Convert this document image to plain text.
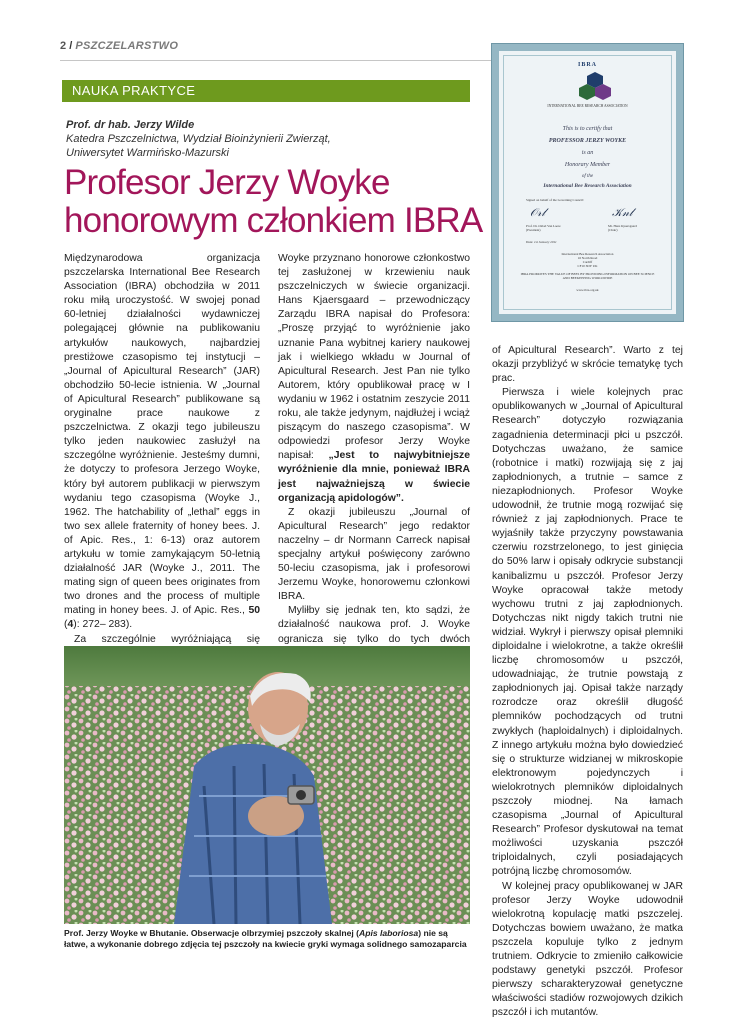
2 / PSZCZELARSTWO
NAUKA PRAKTYCE
Prof. dr hab. Jerzy Wilde
Katedra Pszczelnictwa, Wydział Bioinżynierii Zwierząt,
Uniwersytet Warmińsko-Mazurski
Profesor Jerzy Woyke
honorowym członkiem IBRA
IBRA
INTERNATIONAL BEE RESEARCH ASSOCIATION
This is to certify that
PROFESSOR JERZY WOYKE
is an
Honorary Member
of the
International Bee Research Association
Signed on behalf of the Governing Council:
𝒪𝓇𝓁	𝒦𝓃𝓁
Prof. Dr. Oxlad Van Laere
(President)
Mr. Hans Kjaersgaard
(Chair)
Date: 1st January 2011
International Bee Research Association
16 North Road
Cardiff
CF10 3DY UK
IBRA PROMOTES THE VALUE OF BEES BY PROVIDING INFORMATION ON BEE SCIENCE AND BEEKEEPING WORLDWIDE
www.ibra.org.uk

Międzynarodowa organizacja pszczelarska International Bee Research Association (IBRA) obchodziła w 2011 roku miłą uroczystość. W swojej ponad 60-letniej działalności wydawniczej polegającej głównie na publikowaniu artykułów naukowych, najbardziej prestiżowe czasopismo tej instytucji – „Journal of Apicultural Research” (JAR) obchodziło 50-lecie istnienia. W „Journal of Apicultural Research” publikowane są oryginalne prace naukowe z pszczelnictwa. Z okazji tego jubileuszu tylko jeden naukowiec zasłużył na szczególne wyróżnienie. Jesteśmy dumni, że dotyczy to profesora Jerzego Woyke, który był autorem publikacji w pierwszym wydaniu tego czasopisma (Woyke J., 1962. The hatchability of „lethal” eggs in two sex allele fraternity of honey bees. J. of Apic. Res., 1: 6-13) oraz autorem artykułu w tomie zamykającym 50-letnią działalność JAR (Woyke J., 2011. The mating sign of queen bees originates from two drones and the process of multiple mating in honey bees. J. of Apic. Res., 50 (4): 272– 283).

Za szczególnie wyróżniającą się

Woyke przyznano honorowe członkostwo tej zasłużonej w krzewieniu nauk pszczelniczych w świecie organizacji. Hans Kjaersgaard – przewodniczący Zarządu IBRA napisał do Profesora: „Proszę przyjąć to wyróżnienie jako uznanie Pana wybitnej kariery naukowej jak i wielkiego wkładu w Journal of Apicultural Research. Jest Pan nie tylko Autorem, który opublikował pracę w I wydaniu w 1962 i ostatnim zeszycie 2011 roku, ale także jedynym, najdłużej i wciąż piszącym do naszego czasopisma”. W odpowiedzi profesor Jerzy Woyke napisał: „Jest to najwybitniejsze wyróżnienie dla mnie, ponieważ IBRA jest najważniejszą w świecie organizacją apidologów”.

Z okazji jubileuszu „Journal of Apicultural Research” jego redaktor naczelny – dr Normann Carreck napisał specjalny artykuł poświęcony zarówno 50-leciu czasopisma, jak i profesorowi Jerzemu Woyke, honorowemu członkowi IBRA.

Myliłby się jednak ten, kto sądzi, że działalność naukowa prof. J. Woyke ogranicza się tylko do tych dwóch

of Apicultural Research”. Warto z tej okazji przybliżyć w skrócie tematykę tych prac.

Pierwsza i wiele kolejnych prac opublikowanych w „Journal of Apicultural Research” dotyczyło rozwiązania zagadnienia determinacji płci u pszczół. Dotychczas uważano, że samice (robotnice i matki) rozwijają się z jaj zapłodnionych, a trutnie – samce z niezapłodnionych. Profesor Woyke udowodnił, że trutnie mogą rozwijać się również z jaj zapłodnionych. Prace te wyjaśniły także przyczyny powstawania czerwiu rozstrzelonego, to jest ginięcia do 50% larw i opisały odkrycie substancji kanibalizmu u pszczół. Profesor Jerzy Woyke opracował także metody wychowu trutni z jaj zapłodnionych. Dotychczas nikt nigdy takich trutni nie widział. Wykrył i pierwszy opisał plemniki diploidalne i wielokrotne, a także określił liczbę chromosomów u pszczół, udowadniając, że trutnie powstają z zapłodnionych jaj. Opisał także narządy rozrodcze oraz określił długość plemników pochodzących od trutni zwykłych (haploidalnych) i diploidalnych. Z innego artykułu można było dowiedzieć się o strukturze widzianej w mikroskopie elektronowym pojedynczych i wielokrotnych plemników diploidalnych pszczoły miodnej. Na łamach czasopisma „Journal of Apicultural Research” Profesor dyskutował na temat możliwości uzyskania pszczół triploidalnych, czyli posiadających potrójną liczbę chromosomów.

W kolejnej pracy opublikowanej w JAR profesor Jerzy Woyke udowodnił wielokrotną kopulację matki pszczelej. Dotychczas bowiem uważano, że matka pszczela kopuluje tylko z jednym trutniem. Odkrycie to zmieniło całkowicie podstawy genetyki pszczół. Profesor pierwszy scharakteryzował genetyczne właściwości stadiów rozwojowych dzikich pszczół i ich mutantów.

Prof. Jerzy Woyke w Bhutanie. Obserwacje olbrzymiej pszczoły skalnej (Apis laboriosa) nie są łatwe, a wykonanie dobrego zdjęcia tej pszczoły na kwiecie gryki wymaga solidnego samozaparcia
